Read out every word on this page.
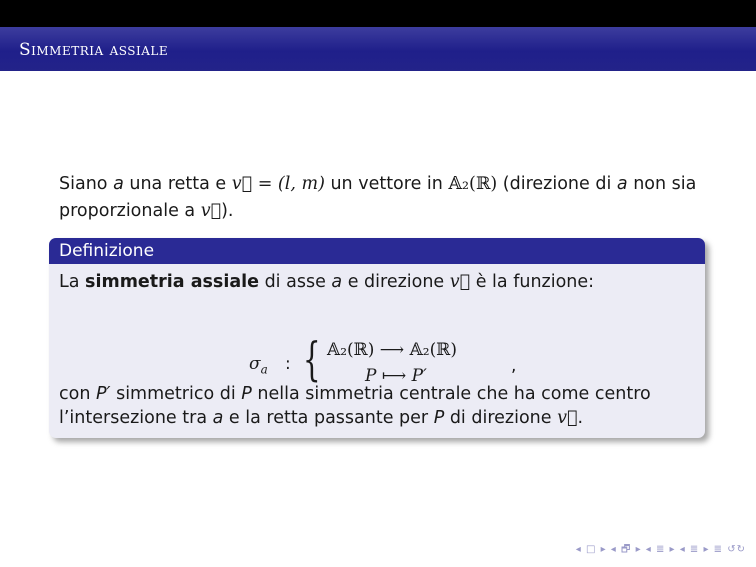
Simmetria assiale
Siano a una retta e v⃗ = (l, m) un vettore in 𝔸₂(ℝ) (direzione di a non sia proporzionale a v⃗).
Definizione
La simmetria assiale di asse a e direzione v⃗ è la funzione:
$\sigma_a$ : { 𝔸₂(ℝ) ⟶ 𝔸₂(ℝ)
P ⟼ P′	,
con P′ simmetrico di P nella simmetria centrale che ha come centro l’intersezione tra a e la retta passante per P di direzione v⃗.
◂ □ ▸ ◂ 🗗 ▸ ◂ ≣ ▸ ◂ ≣ ▸ ≣ ↺↻
